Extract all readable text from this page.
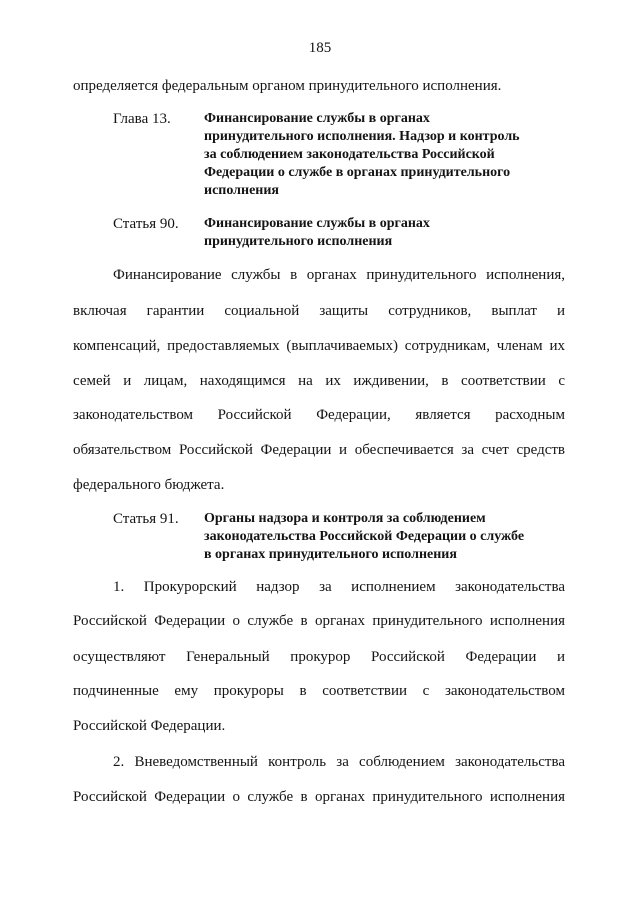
185
определяется федеральным органом принудительного исполнения.
Глава 13. Финансирование службы в органах
принудительного исполнения. Надзор и контроль
за соблюдением законодательства Российской
Федерации о службе в органах принудительного
исполнения
Статья 90. Финансирование службы в органах
принудительного исполнения
Финансирование службы в органах принудительного исполнения,
включая гарантии социальной защиты сотрудников, выплат и
компенсаций, предоставляемых (выплачиваемых) сотрудникам, членам их
семей и лицам, находящимся на их иждивении, в соответствии с
законодательством Российской Федерации, является расходным
обязательством Российской Федерации и обеспечивается за счет средств
федерального бюджета.
Статья 91. Органы надзора и контроля за соблюдением
законодательства Российской Федерации о службе
в органах принудительного исполнения
1. Прокурорский надзор за исполнением законодательства
Российской Федерации о службе в органах принудительного исполнения
осуществляют Генеральный прокурор Российской Федерации и
подчиненные ему прокуроры в соответствии с законодательством
Российской Федерации.
2. Вневедомственный контроль за соблюдением законодательства
Российской Федерации о службе в органах принудительного исполнения
